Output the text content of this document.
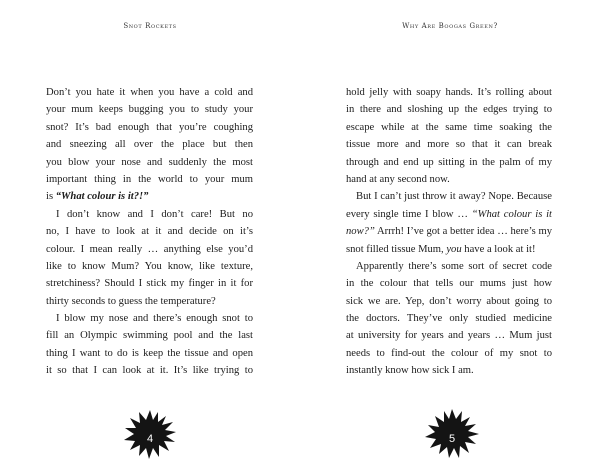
Snot Rockets
Don’t you hate it when you have a cold and
your mum keeps bugging you to study your
snot? It’s bad enough that you’re coughing
and sneezing all over the place but then
you blow your nose and suddenly the most
important thing in the world to your mum
is “What colour is it?!”
I don’t know and I don’t care! But no
no, I have to look at it and decide on it’s
colour. I mean really … anything else you’d
like to know Mum? You know, like texture,
stretchiness? Should I stick my finger in it for
thirty seconds to guess the temperature?
I blow my nose and there’s enough snot to
fill an Olympic swimming pool and the last
thing I want to do is keep the tissue and open
it so that I can look at it. It’s like trying to
4
Why Are Boogas Green?
hold jelly with soapy hands. It’s rolling about
in there and sloshing up the edges trying to
escape while at the same time soaking the
tissue more and more so that it can break
through and end up sitting in the palm of my
hand at any second now.
But I can’t just throw it away? Nope. Because
every single time I blow … “What colour is it
now?” Arrrh! I’ve got a better idea … here’s my
snot filled tissue Mum, you have a look at it!
Apparently there’s some sort of secret code
in the colour that tells our mums just how
sick we are. Yep, don’t worry about going to
the doctors. They’ve only studied medicine
at university for years and years … Mum just
needs to find-out the colour of my snot to
instantly know how sick I am.
5
